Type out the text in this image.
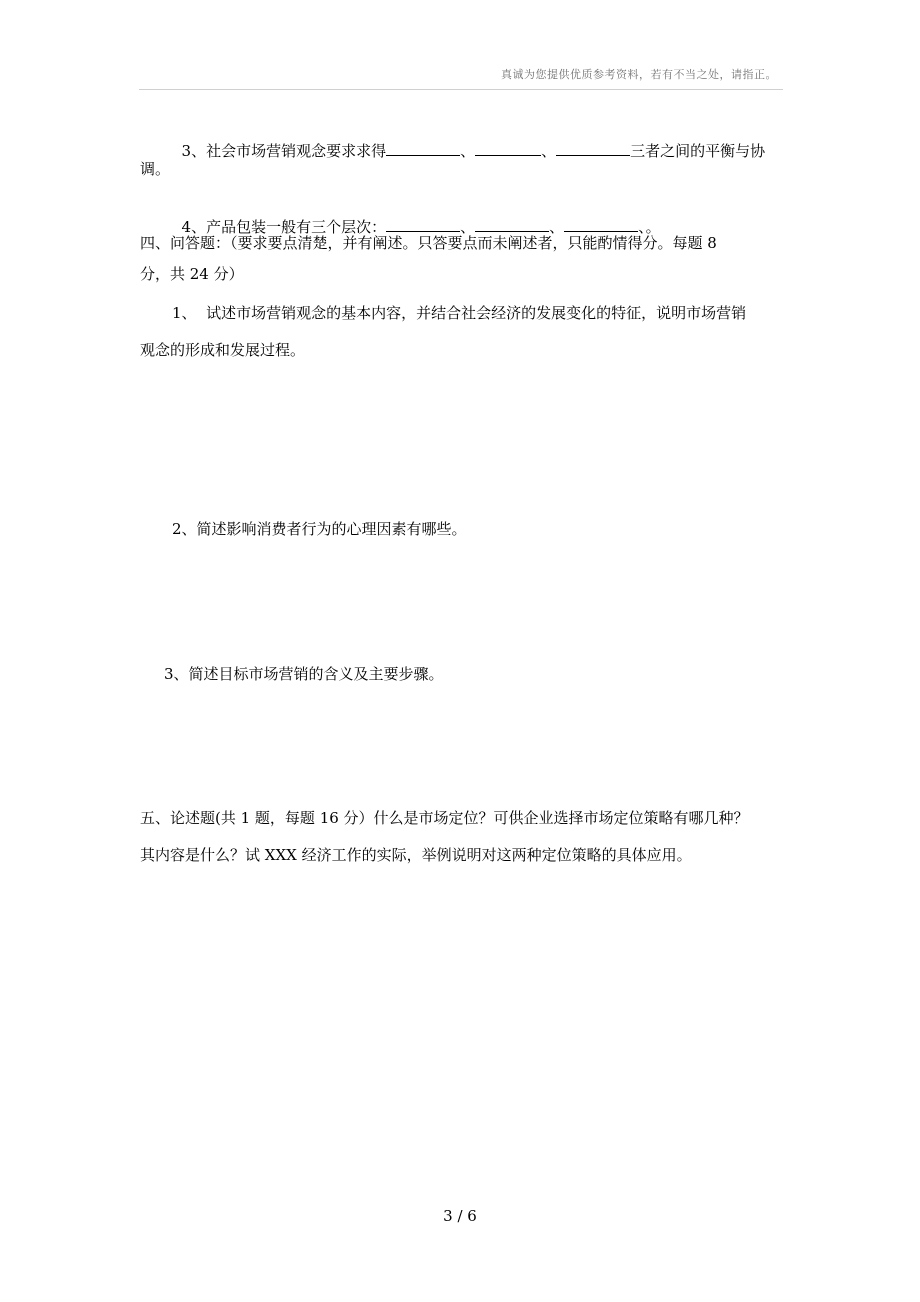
真诚为您提供优质参考资料，若有不当之处，请指正。

3、社会市场营销观念要求求得	、	、	三者之间的平衡与协

调。

4、产品包装一般有三个层次：	、	、	、。

四、问答题：（要求要点清楚，并有阐述。只答要点而未阐述者，只能酌情得分。每题 8
分，共 24 分）
1、  试述市场营销观念的基本内容，并结合社会经济的发展变化的特征，说明市场营销
观念的形成和发展过程。
2、简述影响消费者行为的心理因素有哪些。
3、简述目标市场营销的含义及主要步骤。
五、论述题(共 1 题，每题 16 分）什么是市场定位？可供企业选择市场定位策略有哪几种？
其内容是什么？试 XXX 经济工作的实际，举例说明对这两种定位策略的具体应用。
3 / 6
